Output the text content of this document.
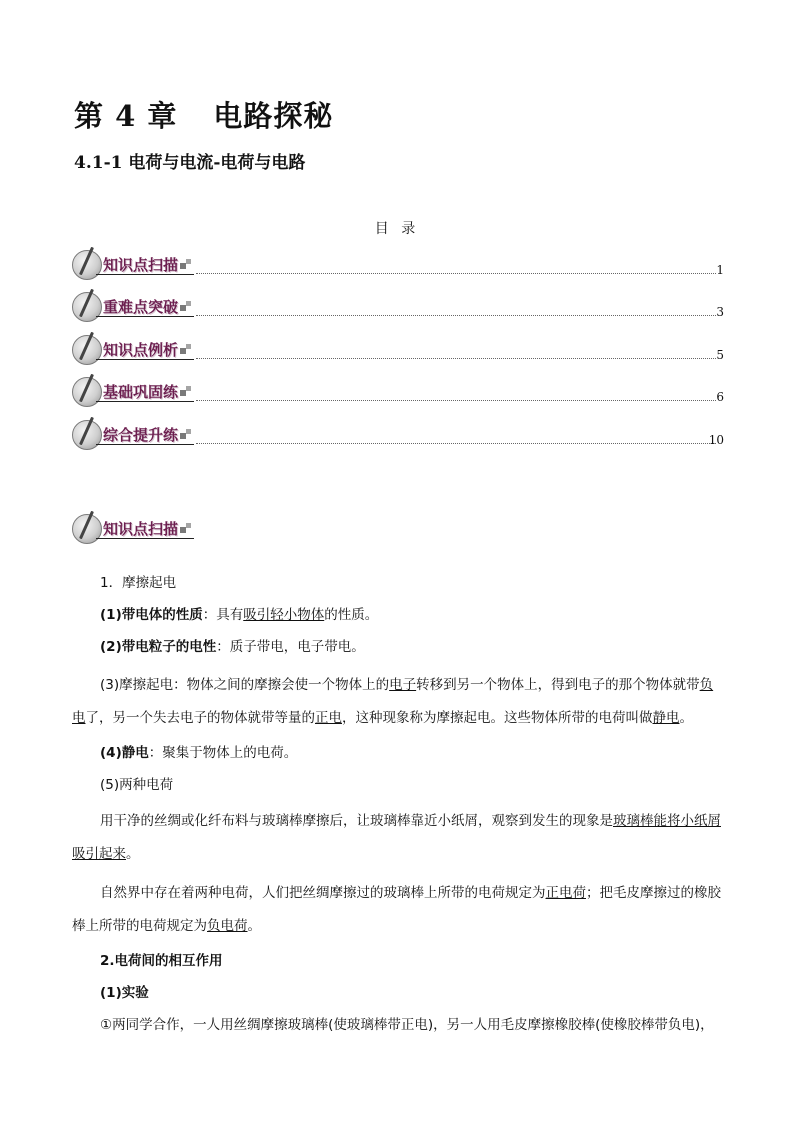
第 4 章 电路探秘
4.1-1 电荷与电流-电荷与电路
目 录
知识点扫描	1
重难点突破	3
知识点例析	5
基础巩固练	6
综合提升练	10
知识点扫描

1．摩擦起电

(1)带电体的性质：具有吸引轻小物体的性质。

(2)带电粒子的电性：质子带电，电子带电。

(3)摩擦起电：物体之间的摩擦会使一个物体上的电子转移到另一个物体上，得到电子的那个物体就带负电了，另一个失去电子的物体就带等量的正电，这种现象称为摩擦起电。这些物体所带的电荷叫做静电。

(4)静电：聚集于物体上的电荷。

(5)两种电荷

用干净的丝绸或化纤布料与玻璃棒摩擦后，让玻璃棒靠近小纸屑，观察到发生的现象是玻璃棒能将小纸屑吸引起来。

自然界中存在着两种电荷，人们把丝绸摩擦过的玻璃棒上所带的电荷规定为正电荷；把毛皮摩擦过的橡胶棒上所带的电荷规定为负电荷。

2.电荷间的相互作用

(1)实验

①两同学合作，一人用丝绸摩擦玻璃棒(使玻璃棒带正电)，另一人用毛皮摩擦橡胶棒(使橡胶棒带负电)，
